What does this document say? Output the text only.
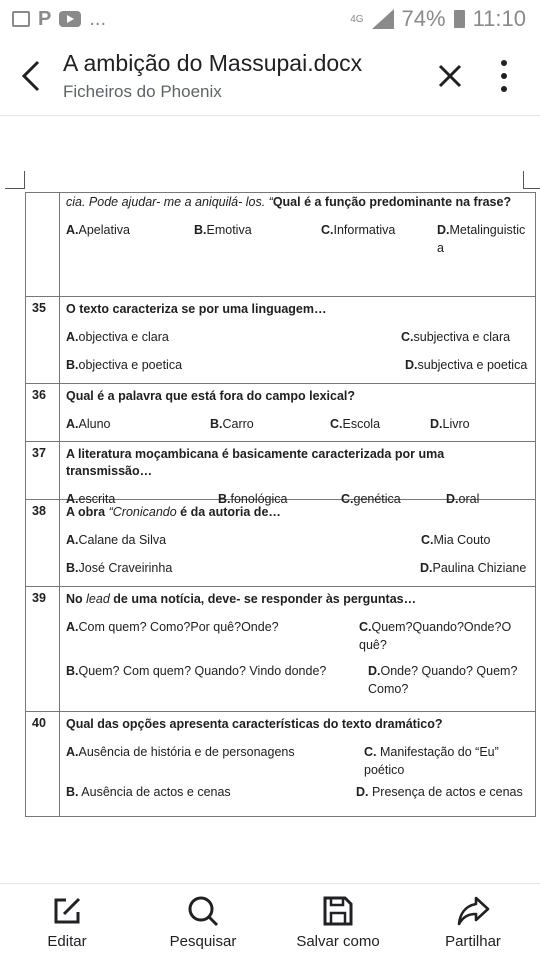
P ...	4G 74% 11:10
A ambição do Massupai.docx
Ficheiros do Phoenix
cia. Pode ajudar- me a aniquilá- los. “Qual é a função predominante na frase?
A.Apelativa	B.Emotiva	C.Informativa	D.Metalinguistic a
35	O texto caracteriza se por uma linguagem…
A.objectiva e clara	C.subjectiva e clara
B.objectiva e poetica	D.subjectiva e poetica
36	Qual é a palavra que está fora do campo lexical?
A.Aluno	B.Carro	C.Escola	D.Livro
37	A literatura moçambicana é basicamente caracterizada por uma transmissão…
A.escrita	B.fonológica	C.genética	D.oral
38	A obra “Cronicando é da autoria de…
A.Calane da Silva	C.Mia Couto
B.José Craveirinha	D.Paulina Chiziane
39	No lead de uma notícia, deve- se responder às perguntas…
A.Com quem? Como?Por quê?Onde?	C.Quem?Quando?Onde?O quê?
B.Quem? Com quem? Quando? Vindo donde?	D.Onde? Quando? Quem? Como?
40	Qual das opções apresenta características do texto dramático?
A.Ausência de história e de personagens	C. Manifestação do “Eu” poético
B. Ausência de actos e cenas	D. Presença de actos e cenas
Editar	Pesquisar	Salvar como	Partilhar
